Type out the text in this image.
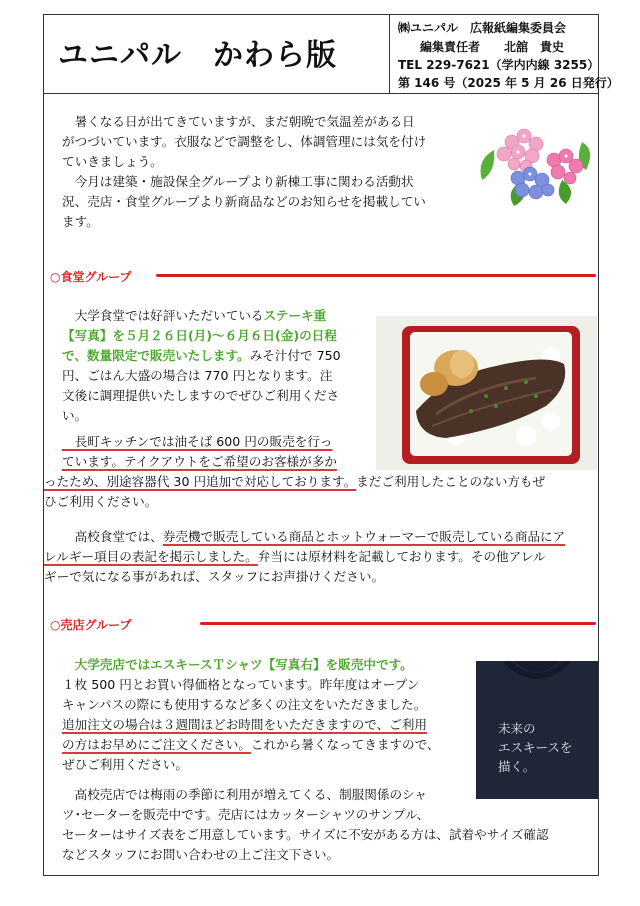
ユニパル　かわら版
㈱ユニパル　広報紙編集委員会
編集責任者　　北舘　貴史
TEL 229-7621（学内内線 3255）
第 146 号（2025 年 5 月 26 日発行）
　暑くなる日が出てきていますが、まだ朝晩で気温差がある日
がつづいています。衣服などで調整をし、体調管理には気を付け
ていきましょう。
　今月は建築・施設保全グループより新棟工事に関わる活動状
況、売店・食堂グループより新商品などのお知らせを掲載してい
ます。
○食堂グループ
　大学食堂では好評いただいているステーキ重
【写真】を５月２６日(月)～６月６日(金)の日程
で、数量限定で販売いたします。みそ汁付で 750
円、ごはん大盛の場合は 770 円となります。注
文後に調理提供いたしますのでぜひご利用くださ
い。
　長町キッチンでは油そば 600 円の販売を行っ
ています。テイクアウトをご希望のお客様が多か
ったため、別途容器代 30 円追加で対応しております。まだご利用したことのない方もぜ
ひご利用ください。
　高校食堂では、券売機で販売している商品とホットウォーマーで販売している商品にア
レルギー項目の表記を掲示しました。弁当には原材料を記載しております。その他アレル
ギーで気になる事があれば、スタッフにお声掛けください。
○売店グループ
　大学売店ではエスキースＴシャツ【写真右】を販売中です。
１枚 500 円とお買い得価格となっています。昨年度はオープン
キャンパスの際にも使用するなど多くの注文をいただきました。
追加注文の場合は３週間ほどお時間をいただきますので、ご利用
の方はお早めにご注文ください。これから暑くなってきますので、
ぜひご利用ください。
　高校売店では梅雨の季節に利用が増えてくる、制服関係のシャ
ツ･セーターを販売中です。売店にはカッターシャツのサンプル、
セーターはサイズ表をご用意しています。サイズに不安がある方は、試着やサイズ確認
などスタッフにお問い合わせの上ご注文下さい。
未来の
エスキースを
描く。
